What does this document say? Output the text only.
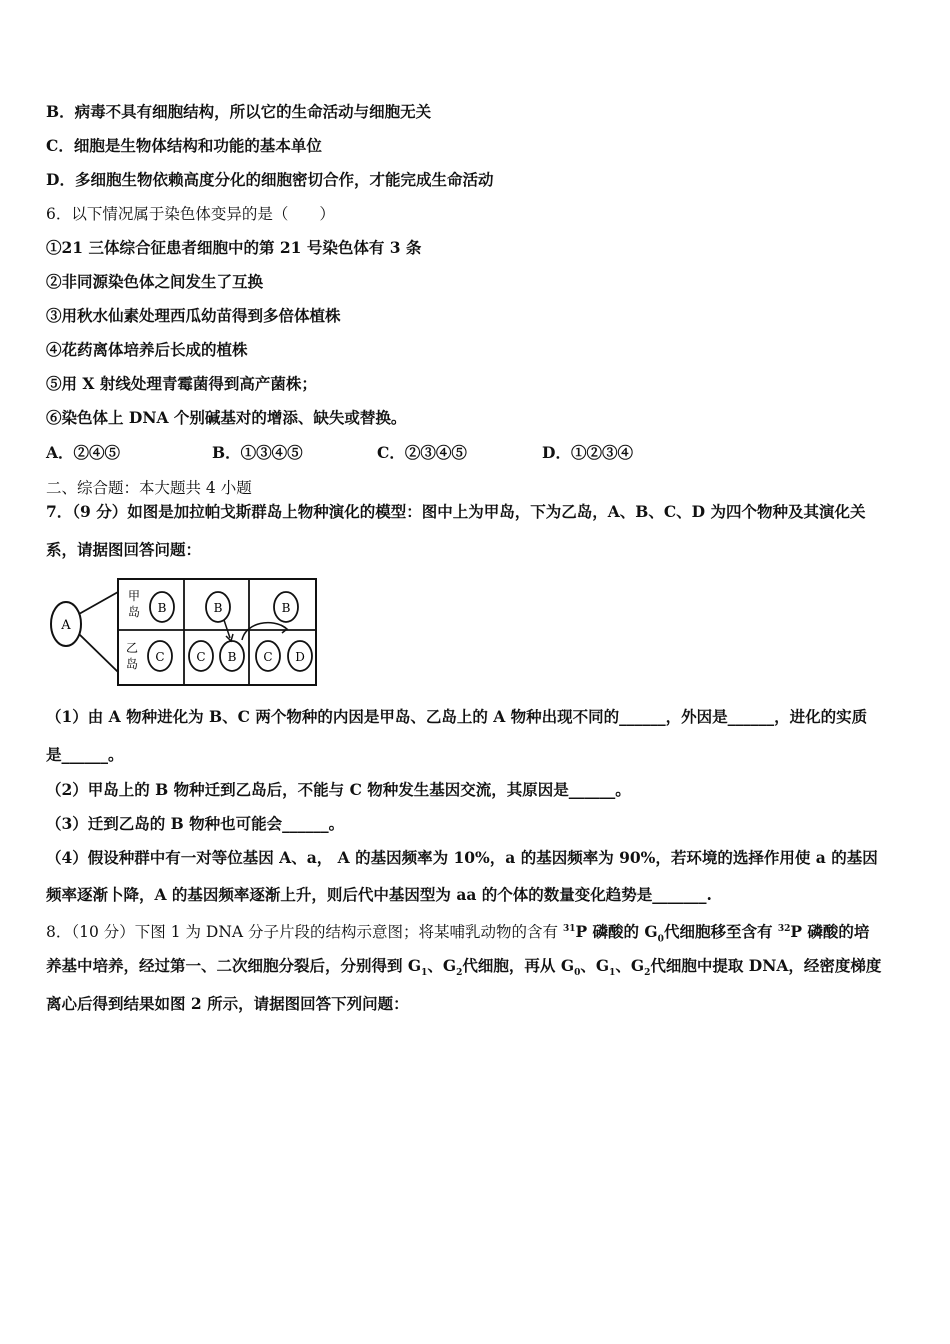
B．病毒不具有细胞结构，所以它的生命活动与细胞无关
C．细胞是生物体结构和功能的基本单位
D．多细胞生物依赖高度分化的细胞密切合作，才能完成生命活动
6．以下情况属于染色体变异的是（　　）
①21 三体综合征患者细胞中的第 21 号染色体有 3 条
②非同源染色体之间发生了互换
③用秋水仙素处理西瓜幼苗得到多倍体植株
④花药离体培养后长成的植株
⑤用 X 射线处理青霉菌得到高产菌株；
⑥染色体上 DNA 个别碱基对的增添、缺失或替换。
A．②④⑤	B．①③④⑤	C．②③④⑤	D．①②③④
二、综合题：本大题共 4 小题
7．（9 分）如图是加拉帕戈斯群岛上物种演化的模型：图中上为甲岛，下为乙岛，A、B、C、D 为四个物种及其演化关
系，请据图回答问题：
A
甲
岛
乙
岛
B	B	B
C	C B C D
（1）由 A 物种进化为 B、C 两个物种的内因是甲岛、乙岛上的 A 物种出现不同的______，外因是______，进化的实质
是______。
（2）甲岛上的 B 物种迁到乙岛后，不能与 C 物种发生基因交流，其原因是______。
（3）迁到乙岛的 B 物种也可能会______。
（4）假设种群中有一对等位基因 A、a， A 的基因频率为 10%，a 的基因频率为 90%，若环境的选择作用使 a 的基因
频率逐渐卜降，A 的基因频率逐渐上升，则后代中基因型为 aa 的个体的数量变化趋势是_______.
8．（10 分）下图 1 为 DNA 分子片段的结构示意图；将某哺乳动物的含有 $^{31}$P 磷酸的 $G_0$代细胞移至含有 $^{32}$P 磷酸的培
养基中培养，经过第一、二次细胞分裂后，分别得到 $G_1$、$G_2$代细胞，再从 $G_0$、$G_1$、$G_2$代细胞中提取 DNA，经密度梯度
离心后得到结果如图 2 所示，请据图回答下列问题：
